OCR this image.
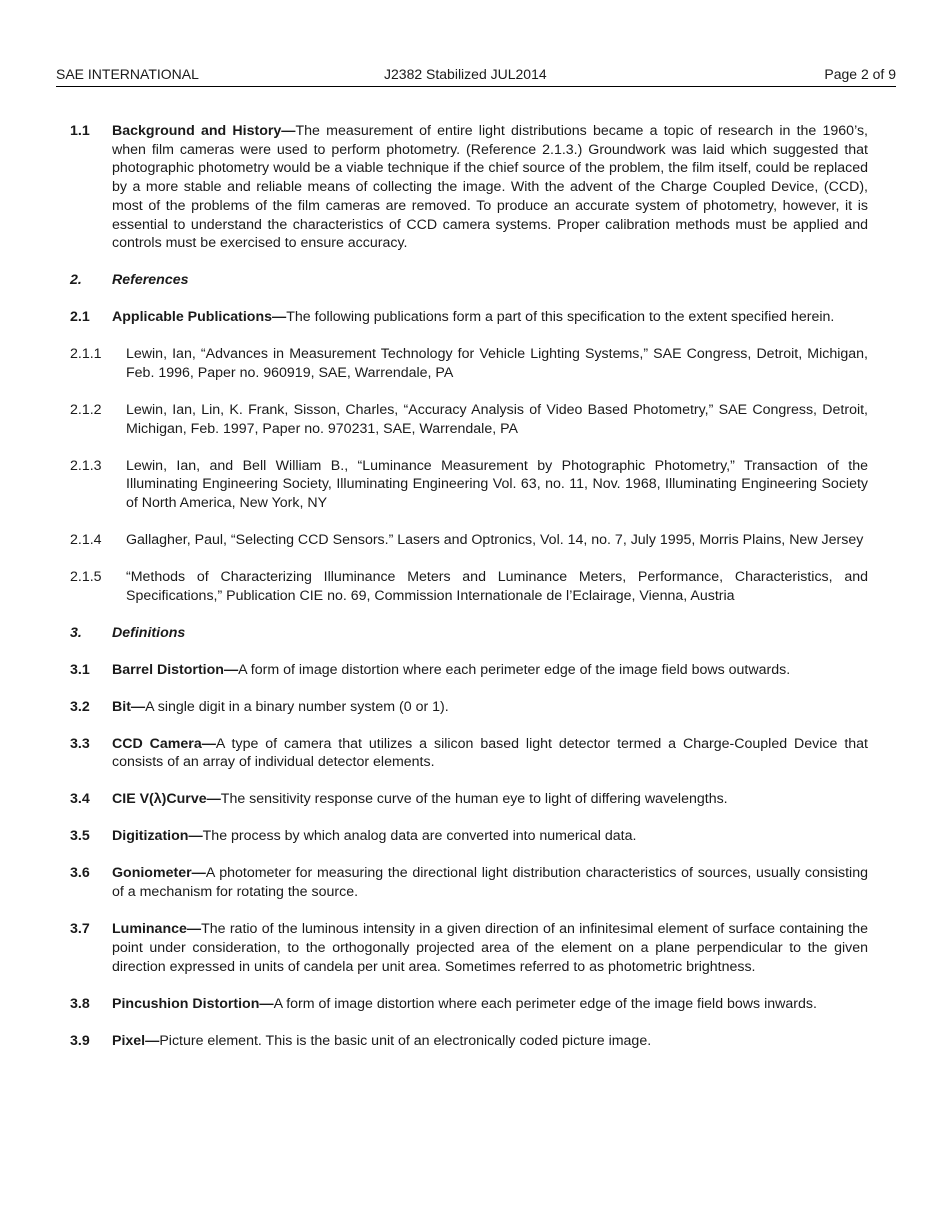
SAE INTERNATIONAL	J2382 Stabilized JUL2014	Page 2 of 9
1.1 Background and History—The measurement of entire light distributions became a topic of research in the 1960’s, when film cameras were used to perform photometry. (Reference 2.1.3.) Groundwork was laid which suggested that photographic photometry would be a viable technique if the chief source of the problem, the film itself, could be replaced by a more stable and reliable means of collecting the image. With the advent of the Charge Coupled Device, (CCD), most of the problems of the film cameras are removed. To produce an accurate system of photometry, however, it is essential to understand the characteristics of CCD camera systems. Proper calibration methods must be applied and controls must be exercised to ensure accuracy.
2. References
2.1 Applicable Publications—The following publications form a part of this specification to the extent specified herein.
2.1.1 Lewin, Ian, “Advances in Measurement Technology for Vehicle Lighting Systems,” SAE Congress, Detroit, Michigan, Feb. 1996, Paper no. 960919, SAE, Warrendale, PA
2.1.2 Lewin, Ian, Lin, K. Frank, Sisson, Charles, “Accuracy Analysis of Video Based Photometry,” SAE Congress, Detroit, Michigan, Feb. 1997, Paper no. 970231, SAE, Warrendale, PA
2.1.3 Lewin, Ian, and Bell William B., “Luminance Measurement by Photographic Photometry,” Transaction of the Illuminating Engineering Society, Illuminating Engineering Vol. 63, no. 11, Nov. 1968, Illuminating Engineering Society of North America, New York, NY
2.1.4 Gallagher, Paul, “Selecting CCD Sensors.” Lasers and Optronics, Vol. 14, no. 7, July 1995, Morris Plains, New Jersey
2.1.5 “Methods of Characterizing Illuminance Meters and Luminance Meters, Performance, Characteristics, and Specifications,” Publication CIE no. 69, Commission Internationale de l’Eclairage, Vienna, Austria
3. Definitions
3.1 Barrel Distortion—A form of image distortion where each perimeter edge of the image field bows outwards.
3.2 Bit—A single digit in a binary number system (0 or 1).
3.3 CCD Camera—A type of camera that utilizes a silicon based light detector termed a Charge-Coupled Device that consists of an array of individual detector elements.
3.4 CIE V(λ)Curve—The sensitivity response curve of the human eye to light of differing wavelengths.
3.5 Digitization—The process by which analog data are converted into numerical data.
3.6 Goniometer—A photometer for measuring the directional light distribution characteristics of sources, usually consisting of a mechanism for rotating the source.
3.7 Luminance—The ratio of the luminous intensity in a given direction of an infinitesimal element of surface containing the point under consideration, to the orthogonally projected area of the element on a plane perpendicular to the given direction expressed in units of candela per unit area. Sometimes referred to as photometric brightness.
3.8 Pincushion Distortion—A form of image distortion where each perimeter edge of the image field bows inwards.
3.9 Pixel—Picture element. This is the basic unit of an electronically coded picture image.
